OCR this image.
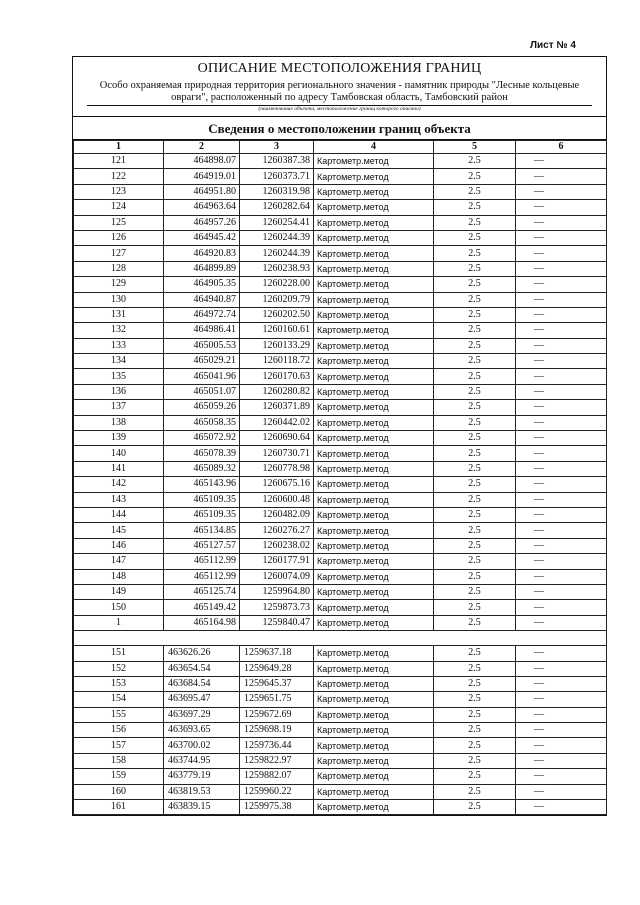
Лист № 4
ОПИСАНИЕ МЕСТОПОЛОЖЕНИЯ ГРАНИЦ
Особо охраняемая природная территория регионального значения - памятник природы "Лесные кольцевые овраги", расположенный по адресу Тамбовская область, Тамбовский район
(наименование объекта, местоположение границ которого описано)
Сведения о местоположении границ объекта
1	2	3	4	5	6
121	464898.07	1260387.38	Картометр.метод	2.5	—
122	464919.01	1260373.71	Картометр.метод	2.5	—
123	464951.80	1260319.98	Картометр.метод	2.5	—
124	464963.64	1260282.64	Картометр.метод	2.5	—
125	464957.26	1260254.41	Картометр.метод	2.5	—
126	464945.42	1260244.39	Картометр.метод	2.5	—
127	464920.83	1260244.39	Картометр.метод	2.5	—
128	464899.89	1260238.93	Картометр.метод	2.5	—
129	464905.35	1260228.00	Картометр.метод	2.5	—
130	464940.87	1260209.79	Картометр.метод	2.5	—
131	464972.74	1260202.50	Картометр.метод	2.5	—
132	464986.41	1260160.61	Картометр.метод	2.5	—
133	465005.53	1260133.29	Картометр.метод	2.5	—
134	465029.21	1260118.72	Картометр.метод	2.5	—
135	465041.96	1260170.63	Картометр.метод	2.5	—
136	465051.07	1260280.82	Картометр.метод	2.5	—
137	465059.26	1260371.89	Картометр.метод	2.5	—
138	465058.35	1260442.02	Картометр.метод	2.5	—
139	465072.92	1260690.64	Картометр.метод	2.5	—
140	465078.39	1260730.71	Картометр.метод	2.5	—
141	465089.32	1260778.98	Картометр.метод	2.5	—
142	465143.96	1260675.16	Картометр.метод	2.5	—
143	465109.35	1260600.48	Картометр.метод	2.5	—
144	465109.35	1260482.09	Картометр.метод	2.5	—
145	465134.85	1260276.27	Картометр.метод	2.5	—
146	465127.57	1260238.02	Картометр.метод	2.5	—
147	465112.99	1260177.91	Картометр.метод	2.5	—
148	465112.99	1260074.09	Картометр.метод	2.5	—
149	465125.74	1259964.80	Картометр.метод	2.5	—
150	465149.42	1259873.73	Картометр.метод	2.5	—
1	465164.98	1259840.47	Картометр.метод	2.5	—

151	463626.26	1259637.18	Картометр.метод	2.5	—
152	463654.54	1259649.28	Картометр.метод	2.5	—
153	463684.54	1259645.37	Картометр.метод	2.5	—
154	463695.47	1259651.75	Картометр.метод	2.5	—
155	463697.29	1259672.69	Картометр.метод	2.5	—
156	463693.65	1259698.19	Картометр.метод	2.5	—
157	463700.02	1259736.44	Картометр.метод	2.5	—
158	463744.95	1259822.97	Картометр.метод	2.5	—
159	463779.19	1259882.07	Картометр.метод	2.5	—
160	463819.53	1259960.22	Картометр.метод	2.5	—
161	463839.15	1259975.38	Картометр.метод	2.5	—
